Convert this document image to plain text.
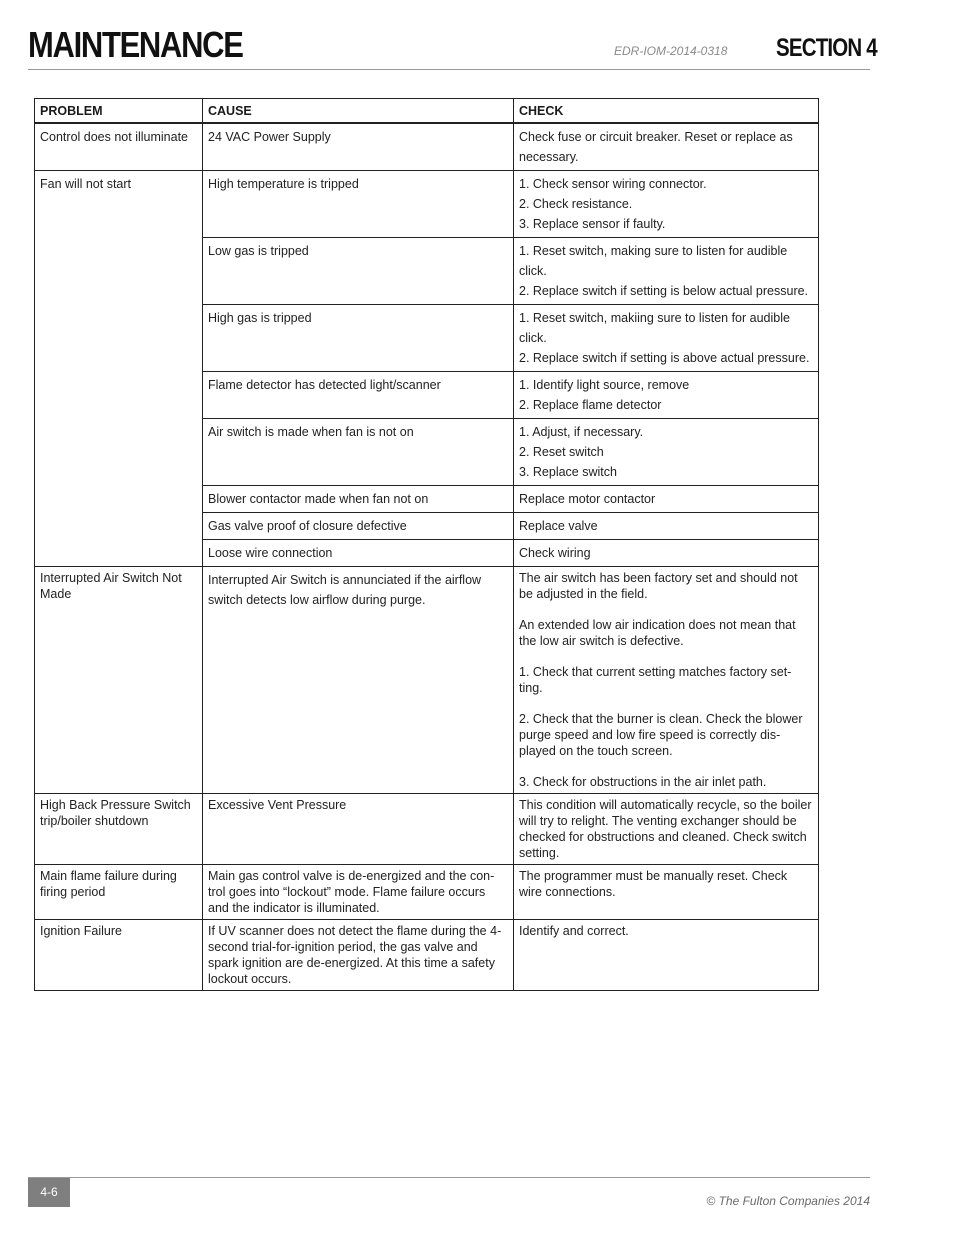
MAINTENANCE	EDR-IOM-2014-0318 SECTION 4
PROBLEM	CAUSE	CHECK

Control does not illuminate	24 VAC Power Supply	Check fuse or circuit breaker. Reset or replace as
necessary.

Fan will not start	High temperature is tripped	1. Check sensor wiring connector.
2. Check resistance.
3. Replace sensor if faulty.

	Low gas is tripped	1. Reset switch, making sure to listen for audible
click.
2. Replace switch if setting is below actual pressure.

	High gas is tripped	1. Reset switch, makiing sure to listen for audible
click.
2. Replace switch if setting is above actual pressure.

	Flame detector has detected light/scanner	1. Identify light source, remove
2. Replace flame detector

	Air switch is made when fan is not on	1. Adjust, if necessary.
2. Reset switch
3. Replace switch

	Blower contactor made when fan not on	Replace motor contactor

	Gas valve proof of closure defective	Replace valve

	Loose wire connection	Check wiring

Interrupted Air Switch Not Made	Interrupted Air Switch is annunciated if the airflow
switch detects low airflow during purge.	The air switch has been factory set and should not be adjusted in the field.
An extended low air indication does not mean that the low air switch is defective.
1. Check that current setting matches factory set-ting.
2. Check that the burner is clean. Check the blower purge speed and low fire speed is correctly dis-played on the touch screen.
3. Check for obstructions in the air inlet path.

High Back Pressure Switch trip/boiler shutdown	Excessive Vent Pressure	This condition will automatically recycle, so the boiler will try to relight. The venting exchanger should be checked for obstructions and cleaned. Check switch setting.

Main flame failure during firing period	Main gas control valve is de-energized and the con-trol goes into “lockout” mode. Flame failure occurs and the indicator is illuminated.	The programmer must be manually reset. Check wire connections.

Ignition Failure	If UV scanner does not detect the flame during the 4-second trial-for-ignition period, the gas valve and spark ignition are de-energized. At this time a safety lockout occurs.	Identify and correct.
4-6
© The Fulton Companies 2014
